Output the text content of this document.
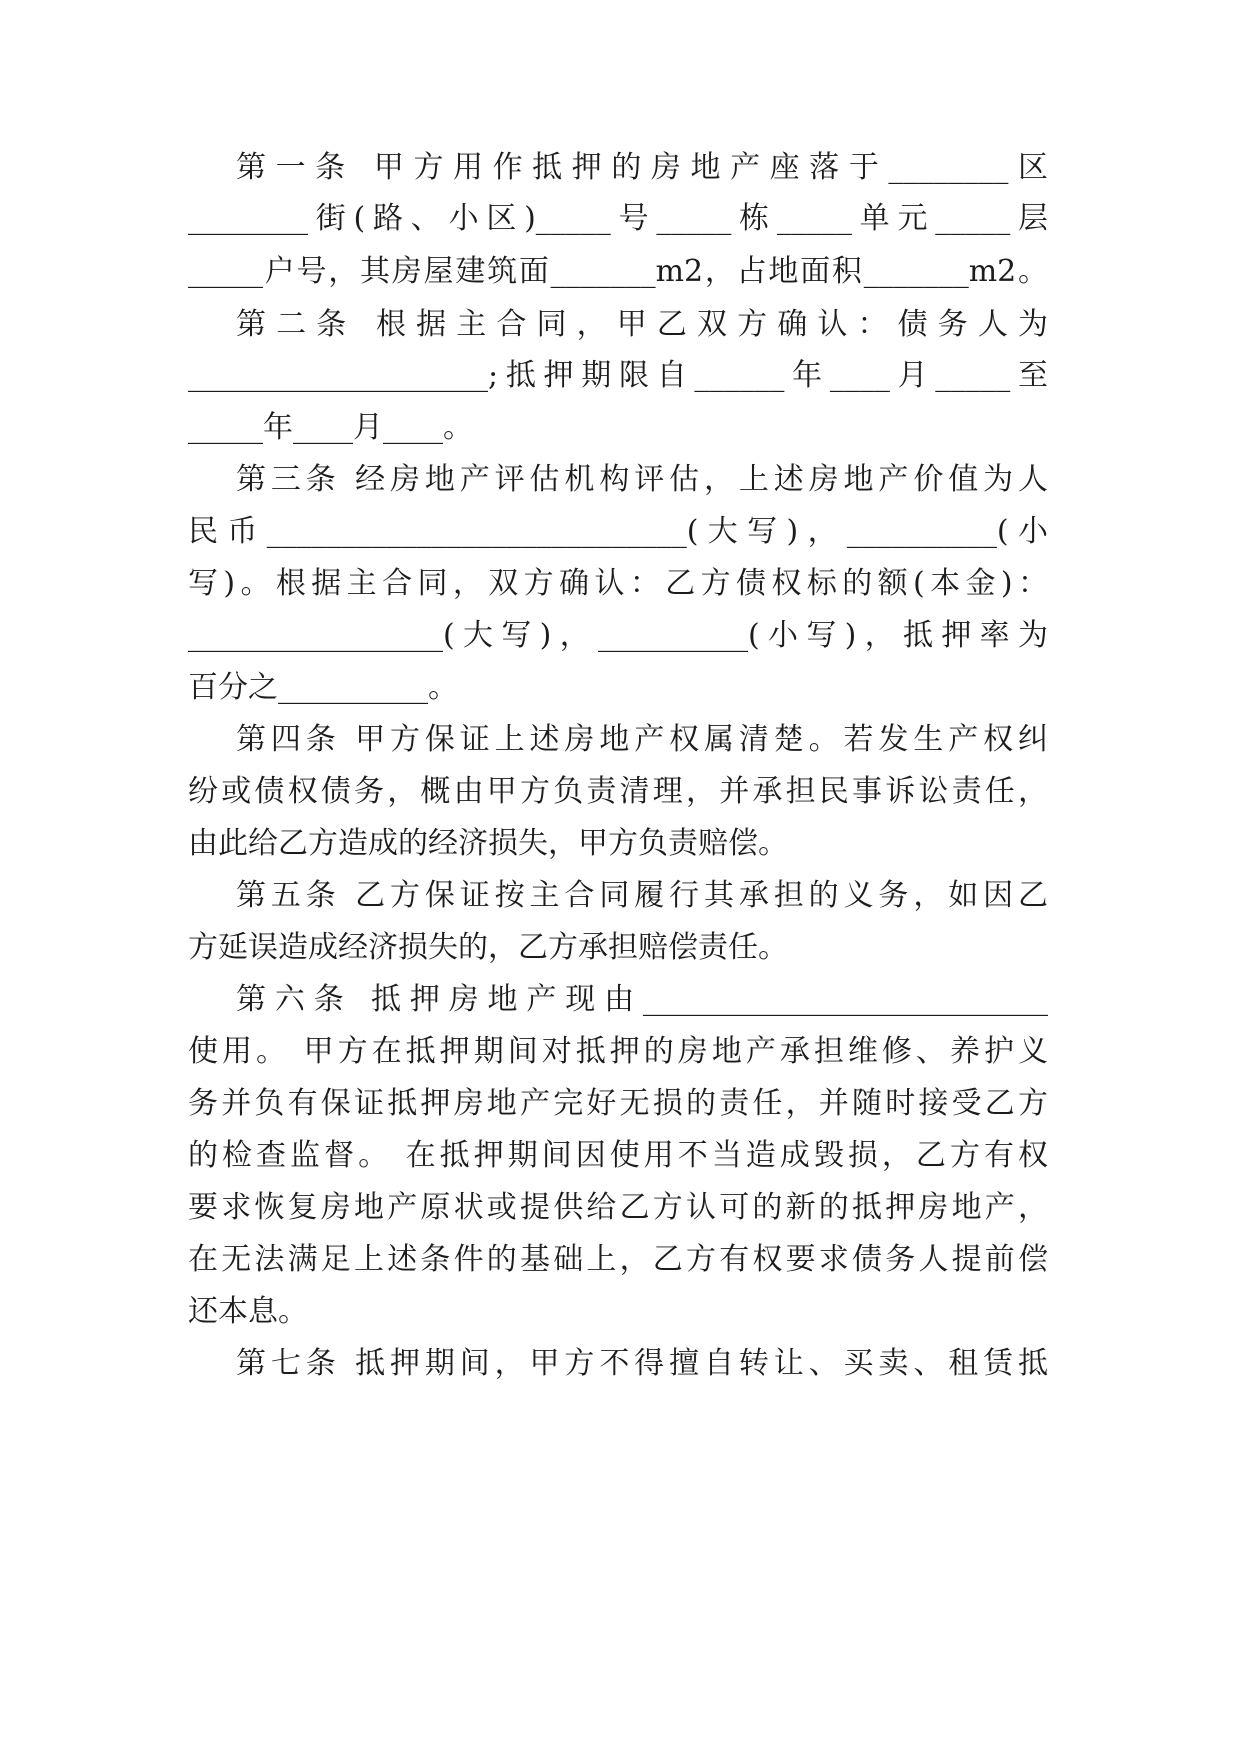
第一条 甲方用作抵押的房地产座落于________区
________街(路、小区)_____号_____栋_____单元_____层
_____户号，其房屋建筑面_______m2，占地面积_______m2。
第二条 根据主合同，甲乙双方确认：债务人为
____________________;抵押期限自______年____月_____至
_____年____月____。
第三条 经房地产评估机构评估，上述房地产价值为人
民币____________________________(大写)，__________(小
写)。根据主合同，双方确认：乙方债权标的额(本金)：
_________________(大写)，__________(小写)，抵押率为
百分之__________。
第四条 甲方保证上述房地产权属清楚。若发生产权纠
纷或债权债务，概由甲方负责清理，并承担民事诉讼责任，
由此给乙方造成的经济损失，甲方负责赔偿。
第五条 乙方保证按主合同履行其承担的义务，如因乙
方延误造成经济损失的，乙方承担赔偿责任。
第六条 抵押房地产现由___________________________
使用。 甲方在抵押期间对抵押的房地产承担维修、养护义
务并负有保证抵押房地产完好无损的责任，并随时接受乙方
的检查监督。 在抵押期间因使用不当造成毁损，乙方有权
要求恢复房地产原状或提供给乙方认可的新的抵押房地产，
在无法满足上述条件的基础上，乙方有权要求债务人提前偿
还本息。
第七条 抵押期间，甲方不得擅自转让、买卖、租赁抵
